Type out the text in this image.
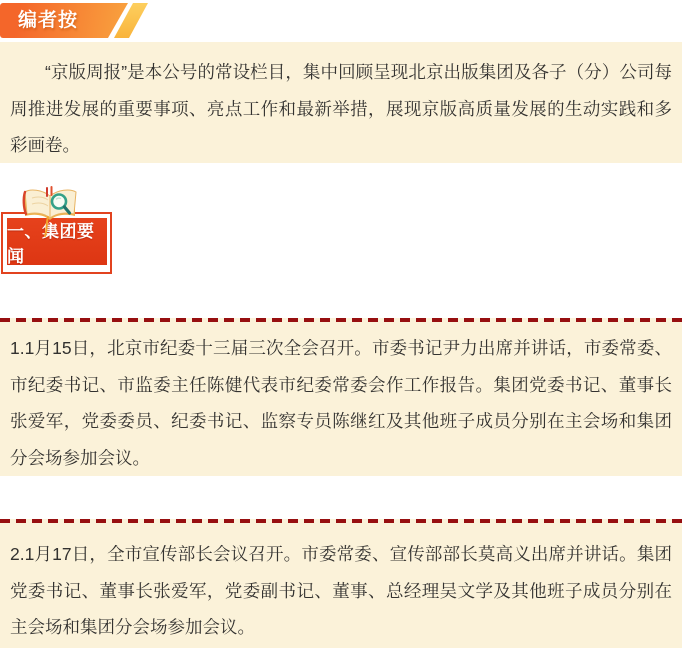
编者按

“京版周报”是本公号的常设栏目，集中回顾呈现北京出版集团及各子（分）公司每周推进发展的重要事项、亮点工作和最新举措，展现京版高质量发展的生动实践和多彩画卷。

一、集团要闻

1.1月15日，北京市纪委十三届三次全会召开。市委书记尹力出席并讲话，市委常委、市纪委书记、市监委主任陈健代表市纪委常委会作工作报告。集团党委书记、董事长张爱军，党委委员、纪委书记、监察专员陈继红及其他班子成员分别在主会场和集团分会场参加会议。

2.1月17日，全市宣传部长会议召开。市委常委、宣传部部长莫高义出席并讲话。集团党委书记、董事长张爱军，党委副书记、董事、总经理吴文学及其他班子成员分别在主会场和集团分会场参加会议。
